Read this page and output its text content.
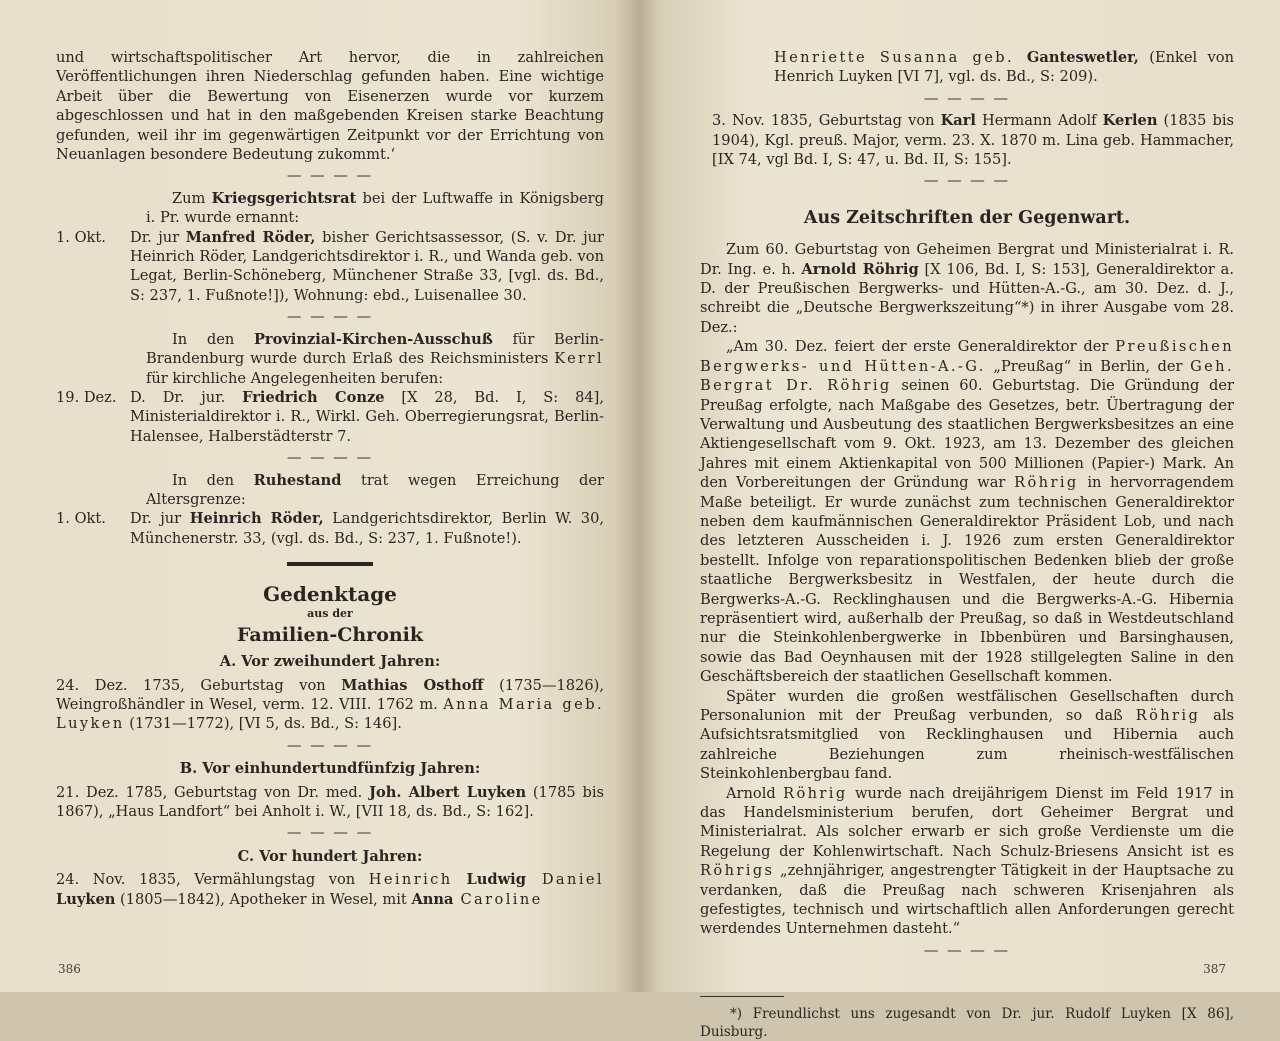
und wirtschaftspolitischer Art hervor, die in zahlreichen Veröffentlichungen ihren Niederschlag gefunden haben. Eine wichtige Arbeit über die Bewertung von Eisenerzen wurde vor kurzem abgeschlossen und hat in den maßgebenden Kreisen starke Beachtung gefunden, weil ihr im gegenwärtigen Zeitpunkt vor der Errichtung von Neuanlagen besondere Bedeutung zukommt.‘

— — — —

Zum Kriegsgerichtsrat bei der Luftwaffe in Königsberg i. Pr. wurde ernannt:

1. Okt.	Dr. jur Manfred Röder, bisher Gerichtsassessor, (S. v. Dr. jur Heinrich Röder, Landgerichtsdirektor i. R., und Wanda geb. von Legat, Berlin-Schöneberg, Münchener Straße 33, [vgl. ds. Bd., S: 237, 1. Fußnote!]), Wohnung: ebd., Luisenallee 30.
— — — —

In den Provinzial-Kirchen-Ausschuß für Berlin-Brandenburg wurde durch Erlaß des Reichsministers Kerrl für kirchliche Angelegenheiten berufen:

19. Dez. D. Dr. jur. Friedrich Conze [X 28, Bd. I, S: 84], Ministerialdirektor i. R., Wirkl. Geh. Oberregierungsrat, Berlin-Halensee, Halberstädterstr 7.
— — — —

In den Ruhestand trat wegen Erreichung der Altersgrenze:

1. Okt.	Dr. jur Heinrich Röder, Landgerichtsdirektor, Berlin W. 30, Münchenerstr. 33, (vgl. ds. Bd., S: 237, 1. Fußnote!).
Gedenktage
aus der
Familien-Chronik
A. Vor zweihundert Jahren:

24. Dez. 1735, Geburtstag von Mathias Osthoff (1735—1826), Weingroßhändler in Wesel, verm. 12. VIII. 1762 m. Anna Maria geb. Luyken (1731—1772), [VI 5, ds. Bd., S: 146].

— — — —
B. Vor einhundertundfünfzig Jahren:

21. Dez. 1785, Geburtstag von Dr. med. Joh. Albert Luyken (1785 bis 1867), „Haus Landfort“ bei Anholt i. W., [VII 18, ds. Bd., S: 162].

— — — —
C. Vor hundert Jahren:

24. Nov. 1835, Vermählungstag von Heinrich Ludwig Daniel Luyken (1805—1842), Apotheker in Wesel, mit Anna Caroline

386

Henriette Susanna geb. Ganteswetler, (Enkel von Henrich Luyken [VI 7], vgl. ds. Bd., S: 209).

— — — —

3. Nov. 1835, Geburtstag von Karl Hermann Adolf Kerlen (1835 bis 1904), Kgl. preuß. Major, verm. 23. X. 1870 m. Lina geb. Hammacher, [IX 74, vgl Bd. I, S: 47, u. Bd. II, S: 155].

— — — —
Aus Zeitschriften der Gegenwart.

Zum 60. Geburtstag von Geheimen Bergrat und Ministerialrat i. R. Dr. Ing. e. h. Arnold Röhrig [X 106, Bd. I, S: 153], Generaldirektor a. D. der Preußischen Bergwerks- und Hütten-A.-G., am 30. Dez. d. J., schreibt die „Deutsche Bergwerkszeitung“*) in ihrer Ausgabe vom 28. Dez.:

„Am 30. Dez. feiert der erste Generaldirektor der Preußischen Bergwerks- und Hütten-A.-G. „Preußag“ in Berlin, der Geh. Bergrat Dr. Röhrig seinen 60. Geburtstag. Die Gründung der Preußag erfolgte, nach Maßgabe des Gesetzes, betr. Übertragung der Verwaltung und Ausbeutung des staatlichen Bergwerksbesitzes an eine Aktiengesellschaft vom 9. Okt. 1923, am 13. Dezember des gleichen Jahres mit einem Aktienkapital von 500 Millionen (Papier-) Mark. An den Vorbereitungen der Gründung war Röhrig in hervorragendem Maße beteiligt. Er wurde zunächst zum technischen Generaldirektor neben dem kaufmännischen Generaldirektor Präsident Lob, und nach des letzteren Ausscheiden i. J. 1926 zum ersten Generaldirektor bestellt. Infolge von reparationspolitischen Bedenken blieb der große staatliche Bergwerksbesitz in Westfalen, der heute durch die Bergwerks-A.-G. Recklinghausen und die Bergwerks-A.-G. Hibernia repräsentiert wird, außerhalb der Preußag, so daß in Westdeutschland nur die Steinkohlenbergwerke in Ibbenbüren und Barsinghausen, sowie das Bad Oeynhausen mit der 1928 stillgelegten Saline in den Geschäftsbereich der staatlichen Gesellschaft kommen.

Später wurden die großen westfälischen Gesellschaften durch Personalunion mit der Preußag verbunden, so daß Röhrig als Aufsichtsratsmitglied von Recklinghausen und Hibernia auch zahlreiche Beziehungen zum rheinisch-westfälischen Steinkohlenbergbau fand.

Arnold Röhrig wurde nach dreijährigem Dienst im Feld 1917 in das Handelsministerium berufen, dort Geheimer Bergrat und Ministerialrat. Als solcher erwarb er sich große Verdienste um die Regelung der Kohlenwirtschaft. Nach Schulz-Briesens Ansicht ist es Röhrigs „zehnjähriger, angestrengter Tätigkeit in der Hauptsache zu verdanken, daß die Preußag nach schweren Krisenjahren als gefestigtes, technisch und wirtschaftlich allen Anforderungen gerecht werdendes Unternehmen dasteht.“

— — — —

*) Freundlichst uns zugesandt von Dr. jur. Rudolf Luyken [X 86], Duisburg.

387
